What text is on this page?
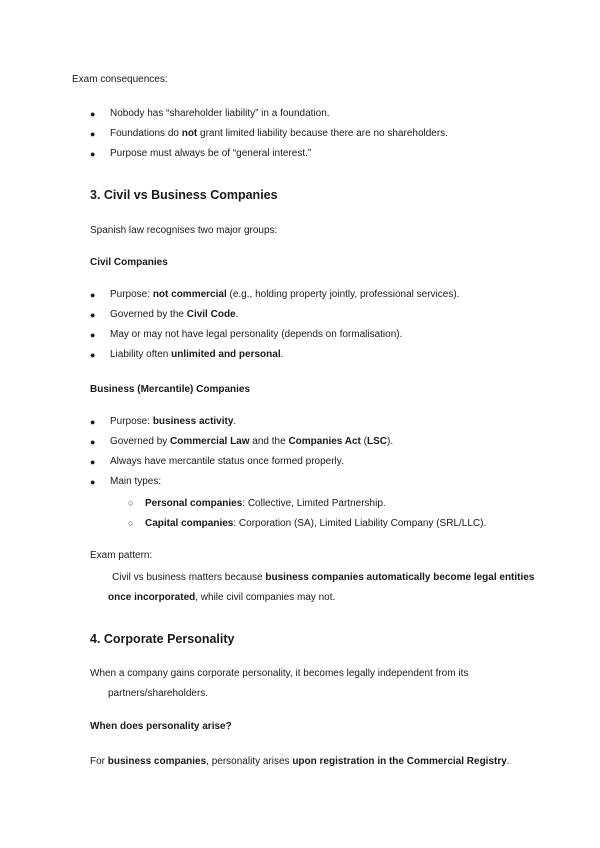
Exam consequences:
● Nobody has “shareholder liability” in a foundation.
● Foundations do not grant limited liability because there are no shareholders.
● Purpose must always be of “general interest.”
3. Civil vs Business Companies
Spanish law recognises two major groups:
Civil Companies
● Purpose: not commercial (e.g., holding property jointly, professional services).
● Governed by the Civil Code.
● May or may not have legal personality (depends on formalisation).
● Liability often unlimited and personal.
Business (Mercantile) Companies
● Purpose: business activity.
● Governed by Commercial Law and the Companies Act (LSC).
● Always have mercantile status once formed properly.
● Main types:
○ Personal companies: Collective, Limited Partnership.
○ Capital companies: Corporation (SA), Limited Liability Company (SRL/LLC).
Exam pattern:
Civil vs business matters because business companies automatically become legal entities
once incorporated, while civil companies may not.
4. Corporate Personality
When a company gains corporate personality, it becomes legally independent from its
partners/shareholders.
When does personality arise?
For business companies, personality arises upon registration in the Commercial Registry.
